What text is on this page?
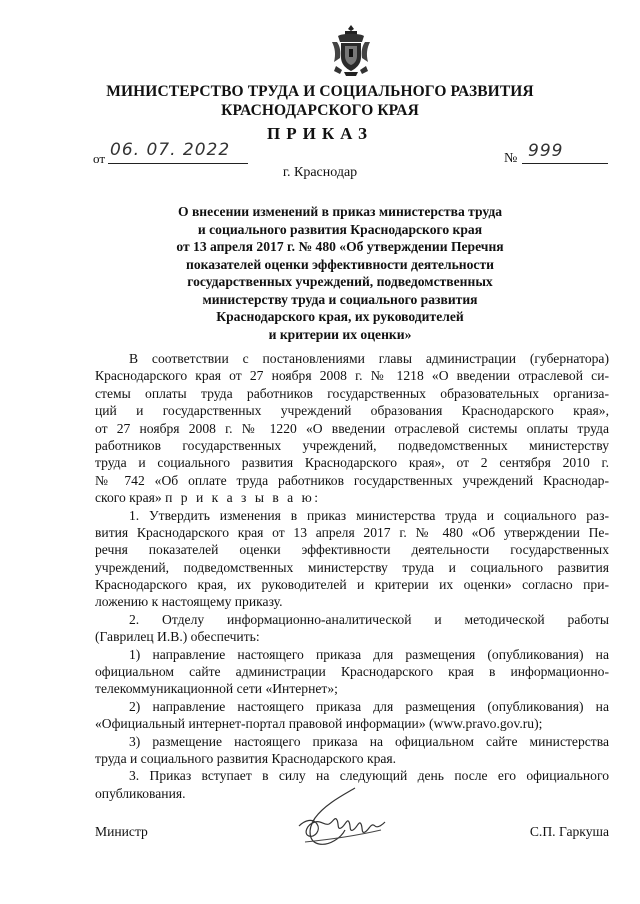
МИНИСТЕРСТВО ТРУДА И СОЦИАЛЬНОГО РАЗВИТИЯ
КРАСНОДАРСКОГО КРАЯ
ПРИКАЗ
от 06. 07. 2022
г. Краснодар
№ 999
О внесении изменений в приказ министерства труда
и социального развития Краснодарского края
от 13 апреля 2017 г. № 480 «Об утверждении Перечня
показателей оценки эффективности деятельности
государственных учреждений, подведомственных
министерству труда и социального развития
Краснодарского края, их руководителей
и критерии их оценки»
В соответствии с постановлениями главы администрации (губернатора)
Краснодарского края от 27 ноября 2008 г. № 1218 «О введении отраслевой си-
стемы оплаты труда работников государственных образовательных организа-
ций и государственных учреждений образования Краснодарского края»,
от 27 ноября 2008 г. № 1220 «О введении отраслевой системы оплаты труда
работников государственных учреждений, подведомственных министерству
труда и социального развития Краснодарского края», от 2 сентября 2010 г.
№ 742 «Об оплате труда работников государственных учреждений Краснодар-
ского края» п р и к а з ы в а ю:
1. Утвердить изменения в приказ министерства труда и социального раз-
вития Краснодарского края от 13 апреля 2017 г. № 480 «Об утверждении Пе-
речня показателей оценки эффективности деятельности государственных
учреждений, подведомственных министерству труда и социального развития
Краснодарского края, их руководителей и критерии их оценки» согласно при-
ложению к настоящему приказу.
2. Отделу информационно-аналитической и методической работы
(Гаврилец И.В.) обеспечить:
1) направление настоящего приказа для размещения (опубликования) на
официальном сайте администрации Краснодарского края в информационно-
телекоммуникационной сети «Интернет»;
2) направление настоящего приказа для размещения (опубликования) на
«Официальный интернет-портал правовой информации» (www.pravo.gov.ru);
3) размещение настоящего приказа на официальном сайте министерства
труда и социального развития Краснодарского края.
3. Приказ вступает в силу на следующий день после его официального
опубликования.
Министр	С.П. Гаркуша
